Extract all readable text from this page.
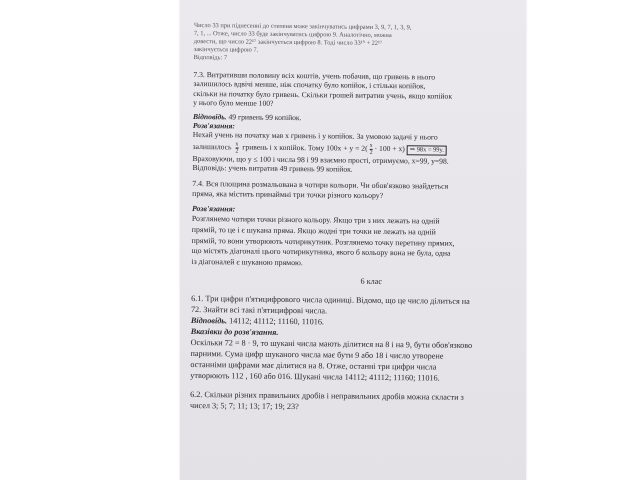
Число 33 при піднесенні до степеня може закінчуватись цифрами 3, 9, 7, 1, 3, 9,
7, 1, ... Отже, число 33 буде закінчуватись цифрою 9. Аналогічно, можна
довести, що число 22¹⁷ закінчується цифрою 8. Тоді число 33¹⁹ + 22¹⁷
закінчується цифрою 7.
Відповідь: 7
7.3. Витративши половину всіх коштів, учень побачив, що гривень в нього
залишилось вдвічі менше, ніж спочатку було копійок, і стільки копійок,
скільки на початку було гривень. Скільки грошей витратив учень, якщо копійок
у нього було менше 100?
Відповідь. 49 гривень 99 копійок.
Розв'язання:
Нехай учень на початку мав x гривень і y копійок. За умовою задачі у нього
залишилось $\frac{x}{2}$ гривень і x копійок. Тому $100x + y = 2( \frac{x}{2} \cdot 100 + x)$ ⇒ 98x = 99y.
Враховуючи, що y ≤ 100 і числа 98 і 99 взаємно прості, отримуємо, x=99, y=98.
Відповідь: учень витратив 49 гривень 99 копійок.
7.4. Вся площина розмальована в чотири кольори. Чи обов'язково знайдеться
пряма, яка містить принаймні три точки різного кольору?
Розв'язання:
Розглянемо чотири точки різного кольору. Якщо три з них лежать на одній
прямій, то це і є шукана пряма. Якщо жодні три точки не лежать на одній
прямій, то вони утворюють чотирикутник. Розглянемо точку перетину прямих,
що містять діагоналі цього чотирикутника, якого б кольору вона не була, одна
із діагоналей є шуканою прямою.
6 клас
6.1. Три цифри п'ятицифрового числа одиниці. Відомо, що це число ділиться на
72. Знайти всі такі п'ятицифрові числа.
Відповідь. 14112; 41112; 11160, 11016.
Вказівки до розв'язання.
Оскільки 72 = 8 · 9, то шукані числа мають ділитися на 8 і на 9, бути обов'язково
парними. Сума цифр шуканого числа має бути 9 або 18 і число утворене
останніми цифрами має ділитися на 8. Отже, останні три цифри числа
утворюють 112 , 160 або 016. Шукані числа 14112; 41112; 11160; 11016.
6.2. Скільки різних правильних дробів і неправильних дробів можна скласти з
чисел 3; 5; 7; 11; 13; 17; 19; 23?
